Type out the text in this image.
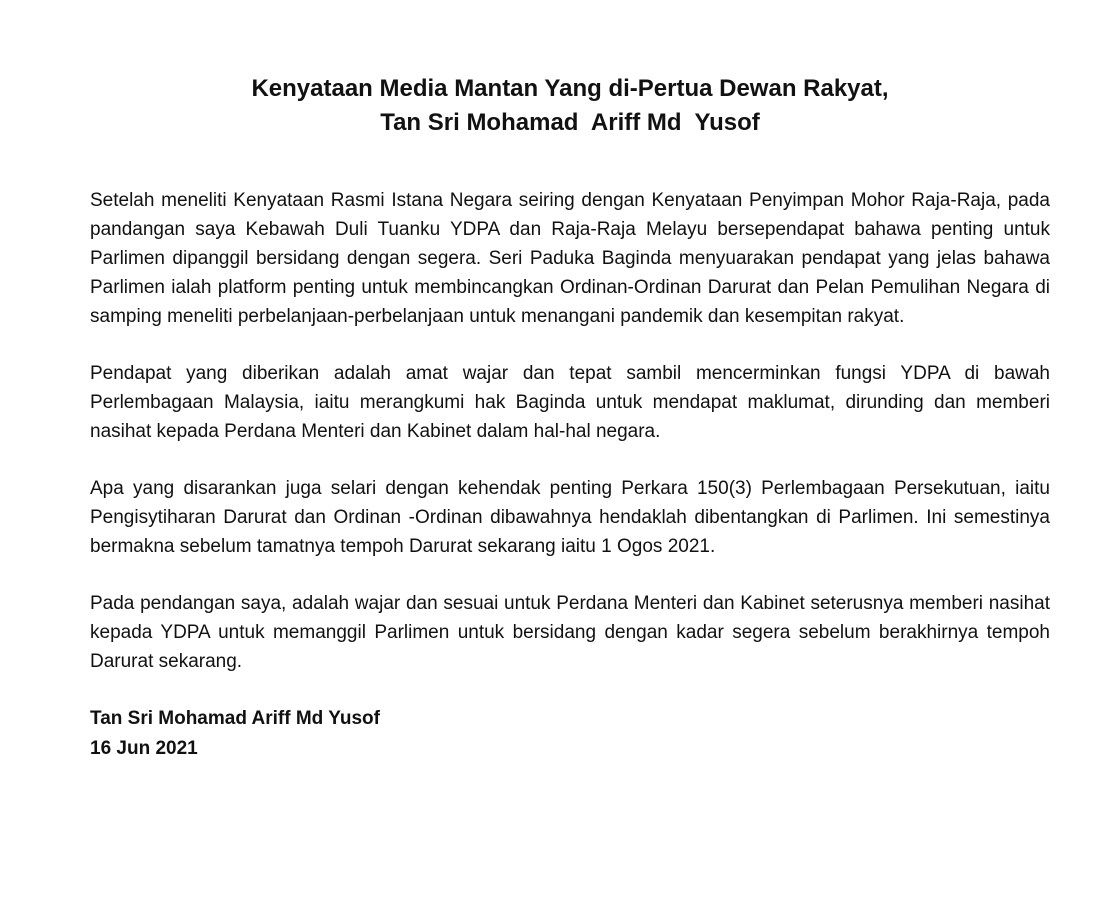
Kenyataan Media Mantan Yang di-Pertua Dewan Rakyat,
Tan Sri Mohamad  Ariff Md  Yusof

Setelah meneliti Kenyataan Rasmi Istana Negara seiring dengan Kenyataan Penyimpan Mohor Raja-Raja, pada pandangan saya Kebawah Duli Tuanku YDPA dan Raja-Raja Melayu bersependapat bahawa penting untuk Parlimen dipanggil bersidang dengan segera. Seri Paduka Baginda menyuarakan pendapat yang jelas bahawa Parlimen ialah platform penting untuk membincangkan Ordinan-Ordinan Darurat dan Pelan Pemulihan Negara di samping meneliti perbelanjaan-perbelanjaan untuk menangani pandemik dan kesempitan rakyat.

Pendapat yang diberikan adalah amat wajar dan tepat sambil mencerminkan fungsi YDPA di bawah Perlembagaan Malaysia, iaitu merangkumi hak Baginda untuk mendapat maklumat, dirunding dan memberi nasihat kepada Perdana Menteri dan Kabinet dalam hal-hal negara.

Apa yang disarankan juga selari dengan kehendak penting Perkara 150(3) Perlembagaan Persekutuan, iaitu Pengisytiharan Darurat dan Ordinan -Ordinan dibawahnya hendaklah dibentangkan di Parlimen. Ini semestinya bermakna sebelum tamatnya tempoh Darurat sekarang iaitu 1 Ogos 2021.

Pada pendangan saya, adalah wajar dan sesuai untuk Perdana Menteri dan Kabinet seterusnya memberi nasihat kepada YDPA untuk memanggil Parlimen untuk bersidang dengan kadar segera sebelum berakhirnya tempoh Darurat sekarang.

Tan Sri Mohamad Ariff Md Yusof

16 Jun 2021
